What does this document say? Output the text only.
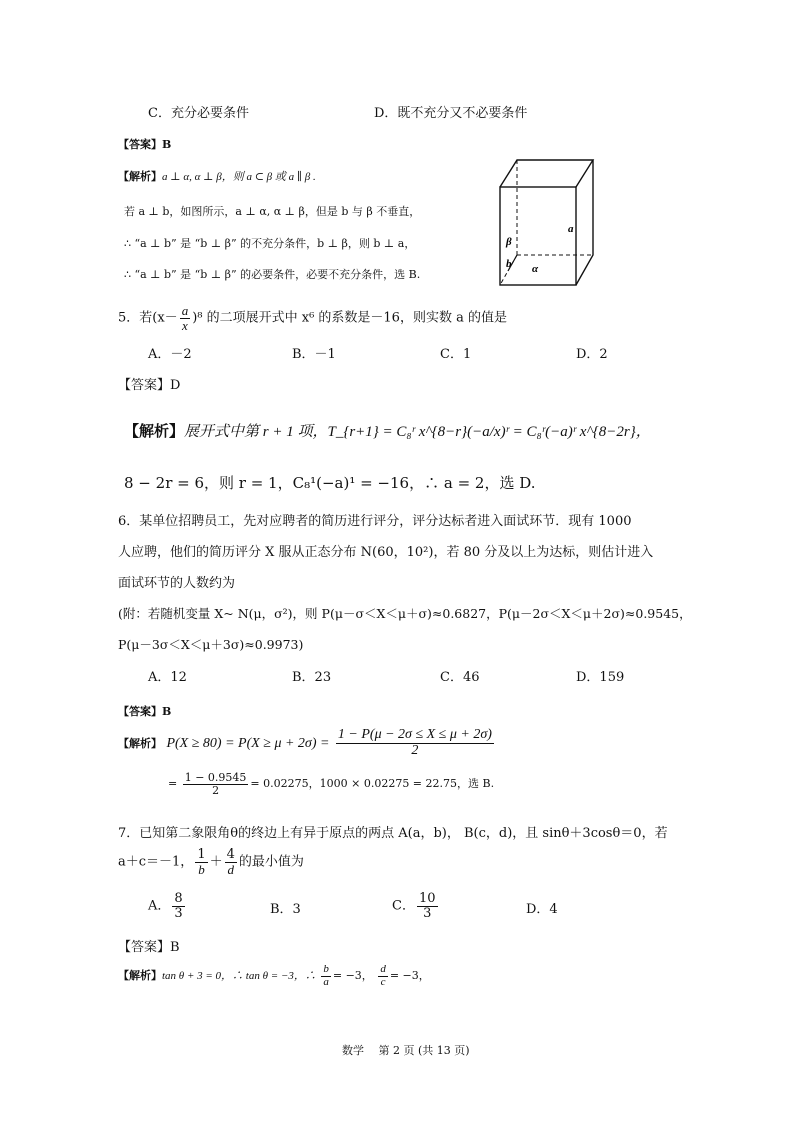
C．充分必要条件	D．既不充分又不必要条件
【答案】B
【解析】a ⊥ α, α ⊥ β，则 a ⊂ β 或 a ∥ β .
若 a ⊥ b，如图所示，a ⊥ α, α ⊥ β，但是 b 与 β 不垂直，
∴ “a ⊥ b” 是 “b ⊥ β” 的不充分条件，b ⊥ β，则 b ⊥ a，
∴ “a ⊥ b” 是 “b ⊥ β” 的必要条件，必要不充分条件，选 B.
a
β
b α
5．若$(x- \frac{a}{x} )^8$ 的二项展开式中 x⁶ 的系数是－16，则实数 a 的值是
A．－2	B．－1	C．1	D．2
【答案】D
【解析】展开式中第 r + 1 项，T_{r+1} = C₈ʳ x^{8−r}(−a/x)ʳ = C₈ʳ(−a)ʳ x^{8−2r}，
8 − 2r = 6，则 r = 1，C₈¹(−a)¹ = −16，∴ a = 2，选 D.
6．某单位招聘员工，先对应聘者的简历进行评分，评分达标者进入面试环节．现有 1000
人应聘，他们的简历评分 X 服从正态分布 N(60，10²)，若 80 分及以上为达标，则估计进入
面试环节的人数约为
(附：若随机变量 X~ N(μ，σ²)，则 P(μ－σ＜X＜μ＋σ)≈0.6827，P(μ－2σ＜X＜μ＋2σ)≈0.9545，
P(μ－3σ＜X＜μ＋3σ)≈0.9973)
A．12	B．23	C．46	D．159
【答案】B
【解析】 $P(X \ge 80) = P(X \ge \mu + 2\sigma) = \frac{1 - P(\mu - 2\sigma \le X \le \mu + 2\sigma)}{2}$
= $\frac{1 - 0.9545}{2} = 0.02275$，1000 × 0.02275 = 22.75，选 B.
7．已知第二象限角θ的终边上有异于原点的两点 A(a，b)， B(c，d)，且 sinθ＋3cosθ＝0，若
a＋c＝－1， $\frac{1}{b} + \frac{4}{d}$ 的最小值为
A． $\frac{8}{3}$	B．3	C． $\frac{10}{3}$	D．4
【答案】B
【解析】tan θ + 3 = 0，∴ tan θ = −3，∴ $\frac{b}{a} = -3$， $\frac{d}{c} = -3$，
数学　 第 2 页 (共 13 页)
